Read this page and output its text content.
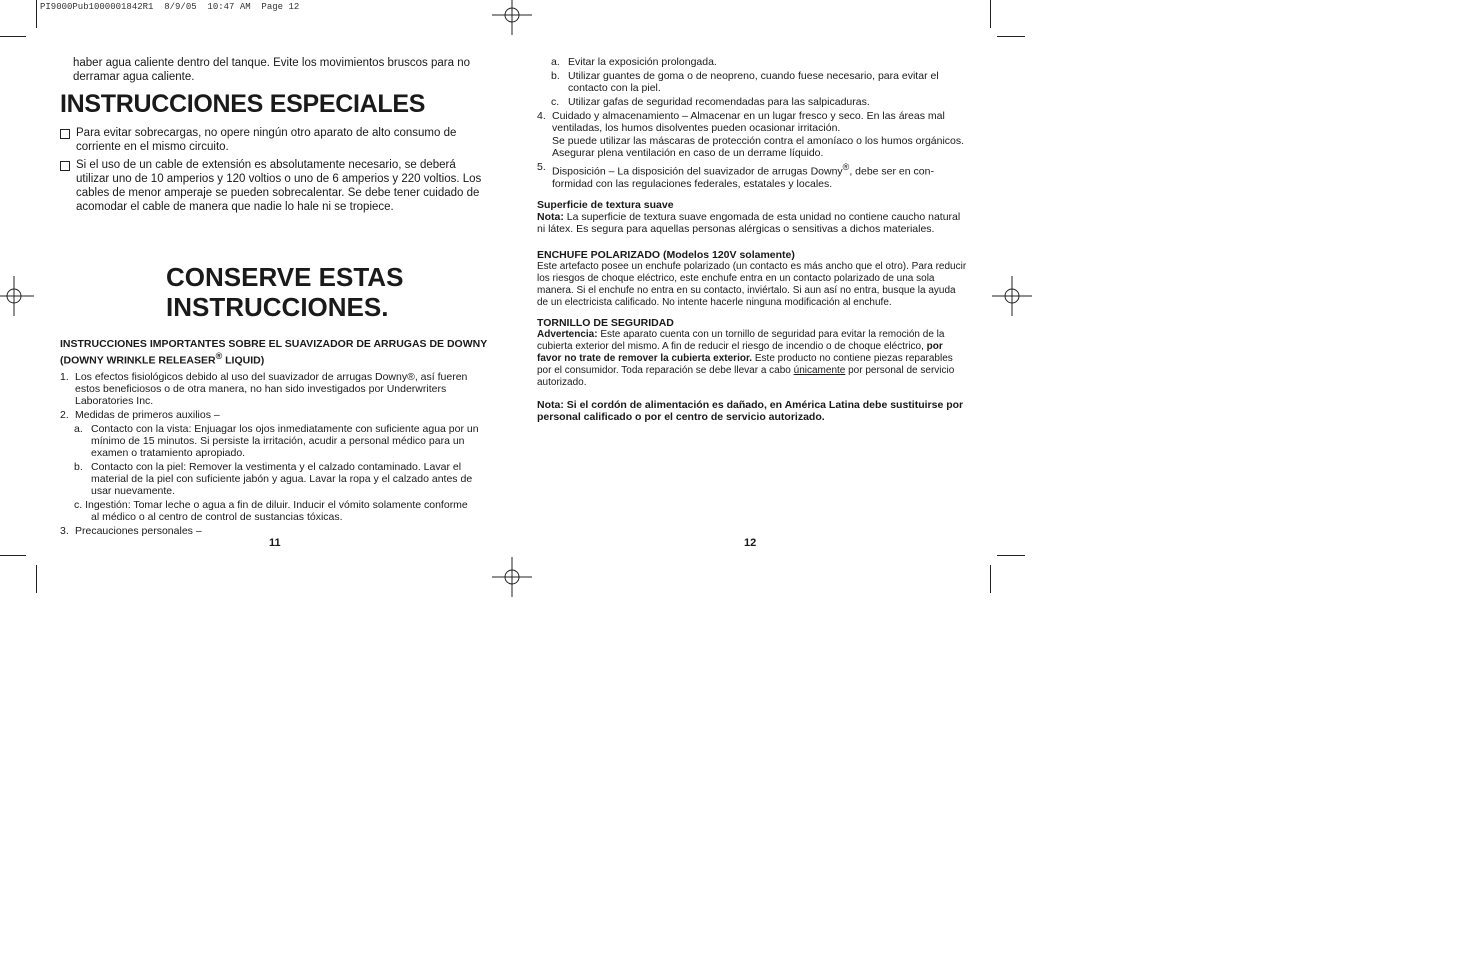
PI9000Pub1000001842R1  8/9/05  10:47 AM  Page 12

haber agua caliente dentro del tanque. Evite los movimientos bruscos para no derramar agua caliente.

INSTRUCCIONES ESPECIALES
Para evitar sobrecargas, no opere ningún otro aparato de alto consumo de corriente en el mismo circuito.
Si el uso de un cable de extensión es absolutamente necesario, se deberá utilizar uno de 10 amperios y 120 voltios o uno de 6 amperios y 220 voltios. Los cables de menor amperaje se pueden sobrecalentar. Se debe tener cuidado de acomodar el cable de manera que nadie lo hale ni se tropiece.
CONSERVE ESTAS
INSTRUCCIONES.

INSTRUCCIONES IMPORTANTES SOBRE EL SUAVIZADOR DE ARRUGAS DE DOWNY (DOWNY WRINKLE RELEASER® LIQUID)

1. Los efectos fisiológicos debido al uso del suavizador de arrugas Downy®, así fueren estos beneficiosos o de otra manera, no han sido investigados por Underwriters Laboratories Inc.
2. Medidas de primeros auxilios –
a. Contacto con la vista: Enjuagar los ojos inmediatamente con suficiente agua por un mínimo de 15 minutos. Si persiste la irritación, acudir a personal médico para un examen o tratamiento apropiado.
b. Contacto con la piel: Remover la vestimenta y el calzado contaminado. Lavar el material de la piel con suficiente jabón y agua. Lavar la ropa y el calzado antes de usar nuevamente.

c. Ingestión: Tomar leche o agua a fin de diluir. Inducir el vómito solamente conforme

al médico o al centro de control de sustancias tóxicas.

3. Precauciones personales –
11
a. Evitar la exposición prolongada.
b. Utilizar guantes de goma o de neopreno, cuando fuese necesario, para evitar el contacto con la piel.
c. Utilizar gafas de seguridad recomendadas para las salpicaduras.
4. Cuidado y almacenamiento – Almacenar en un lugar fresco y seco. En las áreas mal ventiladas, los humos disolventes pueden ocasionar irritación.

Se puede utilizar las máscaras de protección contra el amoníaco o los humos orgánicos. Asegurar plena ventilación en caso de un derrame líquido.

5. Disposición – La disposición del suavizador de arrugas Downy®, debe ser en conformidad con las regulaciones federales, estatales y locales.

Superficie de textura suave

Nota: La superficie de textura suave engomada de esta unidad no contiene caucho natural ni látex. Es segura para aquellas personas alérgicas o sensitivas a dichos materiales.

ENCHUFE POLARIZADO (Modelos 120V solamente)

Este artefacto posee un enchufe polarizado (un contacto es más ancho que el otro). Para reducir los riesgos de choque eléctrico, este enchufe entra en un contacto polarizado de una sola manera. Si el enchufe no entra en su contacto, inviértalo. Si aun así no entra, busque la ayuda de un electricista calificado. No intente hacerle ninguna modificación al enchufe.

TORNILLO DE SEGURIDAD

Advertencia: Este aparato cuenta con un tornillo de seguridad para evitar la remoción de la cubierta exterior del mismo. A fin de reducir el riesgo de incendio o de choque eléctrico, por favor no trate de remover la cubierta exterior. Este producto no contiene piezas reparables por el consumidor. Toda reparación se debe llevar a cabo únicamente por personal de servicio autorizado.

Nota: Si el cordón de alimentación es dañado, en América Latina debe sustituirse por personal calificado o por el centro de servicio autorizado.

12
